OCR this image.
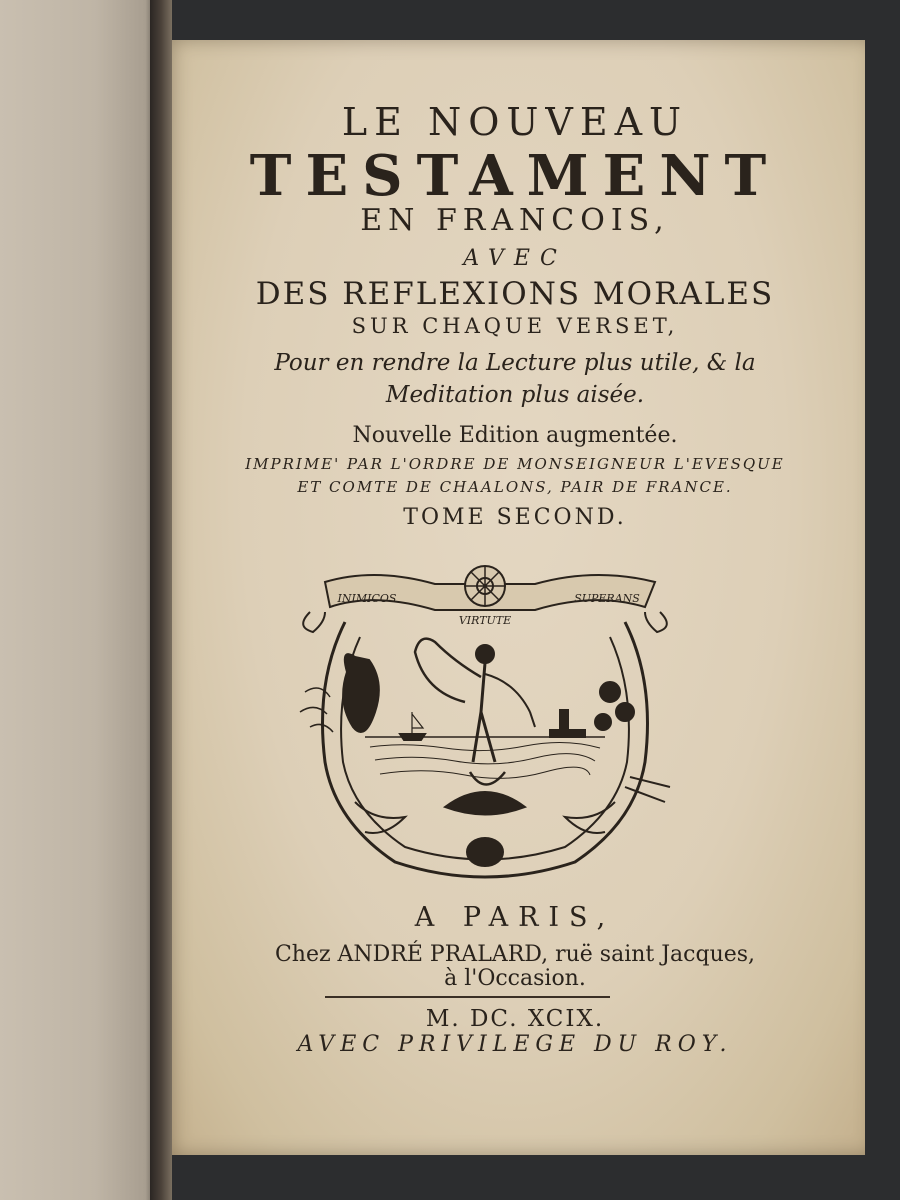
LE NOUVEAU
TESTAMENT
EN FRANCOIS,
AVEC
DES REFLEXIONS MORALES
SUR CHAQUE VERSET,
Pour en rendre la Lecture plus utile, & la
Meditation plus aisée.
Nouvelle Edition augmentée.
IMPRIME' PAR L'ORDRE DE MONSEIGNEUR L'EVESQUE
ET COMTE DE CHAALONS, PAIR DE FRANCE.
TOME SECOND.
INIMICOS
VIRTUTE
SUPERANS
A PARIS,
Chez ANDRÉ PRALARD, ruë saint Jacques,
à l'Occasion.
M. DC. XCIX.
AVEC PRIVILEGE DU ROY.
